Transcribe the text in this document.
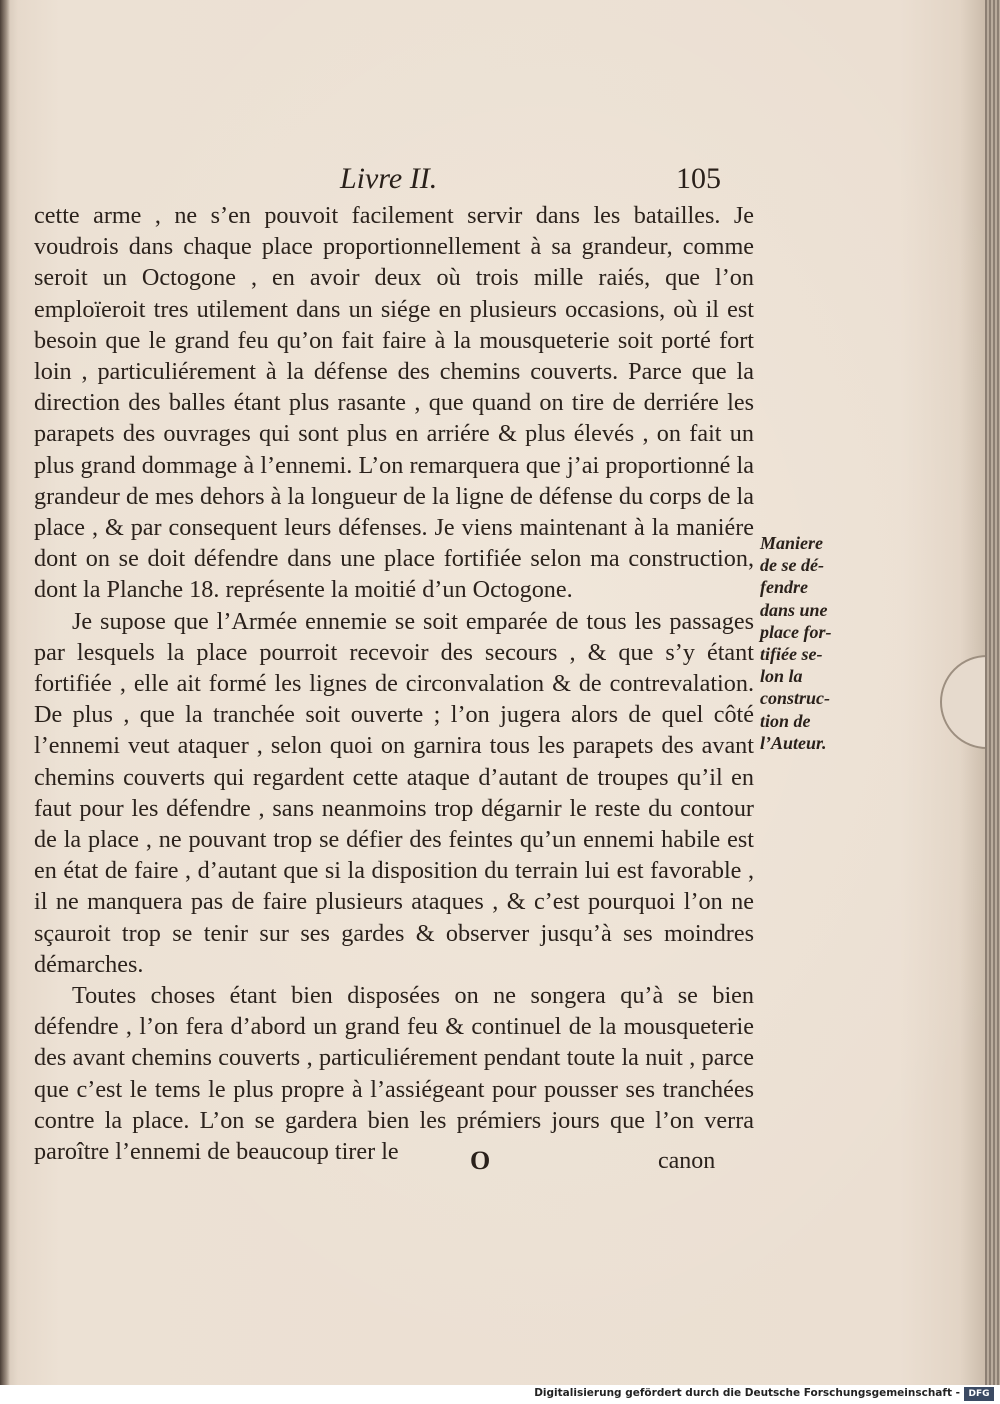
Livre II.	105

cette arme , ne s’en pouvoit facilement servir dans les batailles. Je voudrois dans chaque place proportionnellement à sa grandeur, comme seroit un Octogone , en avoir deux où trois mille raiés, que l’on emploïeroit tres utilement dans un siége en plusieurs occasions, où il est besoin que le grand feu qu’on fait faire à la mousqueterie soit porté fort loin , particuliérement à la défense des chemins couverts. Parce que la direction des balles étant plus rasante , que quand on tire de derriére les parapets des ouvrages qui sont plus en arriére & plus élevés , on fait un plus grand dommage à l’ennemi. L’on remarquera que j’ai proportionné la grandeur de mes dehors à la longueur de la ligne de défense du corps de la place , & par consequent leurs défenses. Je viens maintenant à la maniére dont on se doit défendre dans une place fortifiée selon ma construction, dont la Planche 18. représente la moitié d’un Octogone.

Je supose que l’Armée ennemie se soit emparée de tous les passages par lesquels la place pourroit recevoir des secours , & que s’y étant fortifiée , elle ait formé les lignes de circonvalation & de contrevalation. De plus , que la tranchée soit ouverte ; l’on jugera alors de quel côté l’ennemi veut ataquer , selon quoi on garnira tous les parapets des avant chemins couverts qui regardent cette ataque d’autant de troupes qu’il en faut pour les défendre , sans neanmoins trop dégarnir le reste du contour de la place , ne pouvant trop se défier des feintes qu’un ennemi habile est en état de faire , d’autant que si la disposition du terrain lui est favorable , il ne manquera pas de faire plusieurs ataques , & c’est pourquoi l’on ne sçauroit trop se tenir sur ses gardes & observer jusqu’à ses moindres démarches.

Toutes choses étant bien disposées on ne songera qu’à se bien défendre , l’on fera d’abord un grand feu & continuel de la mousqueterie des avant chemins couverts , particuliérement pendant toute la nuit , parce que c’est le tems le plus propre à l’assiégeant pour pousser ses tranchées contre la place. L’on se gardera bien les prémiers jours que l’on verra paroître l’ennemi de beaucoup tirer le

Maniere
de se dé-
fendre
dans une
place for-
tifiée se-
lon la
construc-
tion de
l’Auteur.
O	canon
Digitalisierung gefördert durch die Deutsche Forschungsgemeinschaft - DFG
